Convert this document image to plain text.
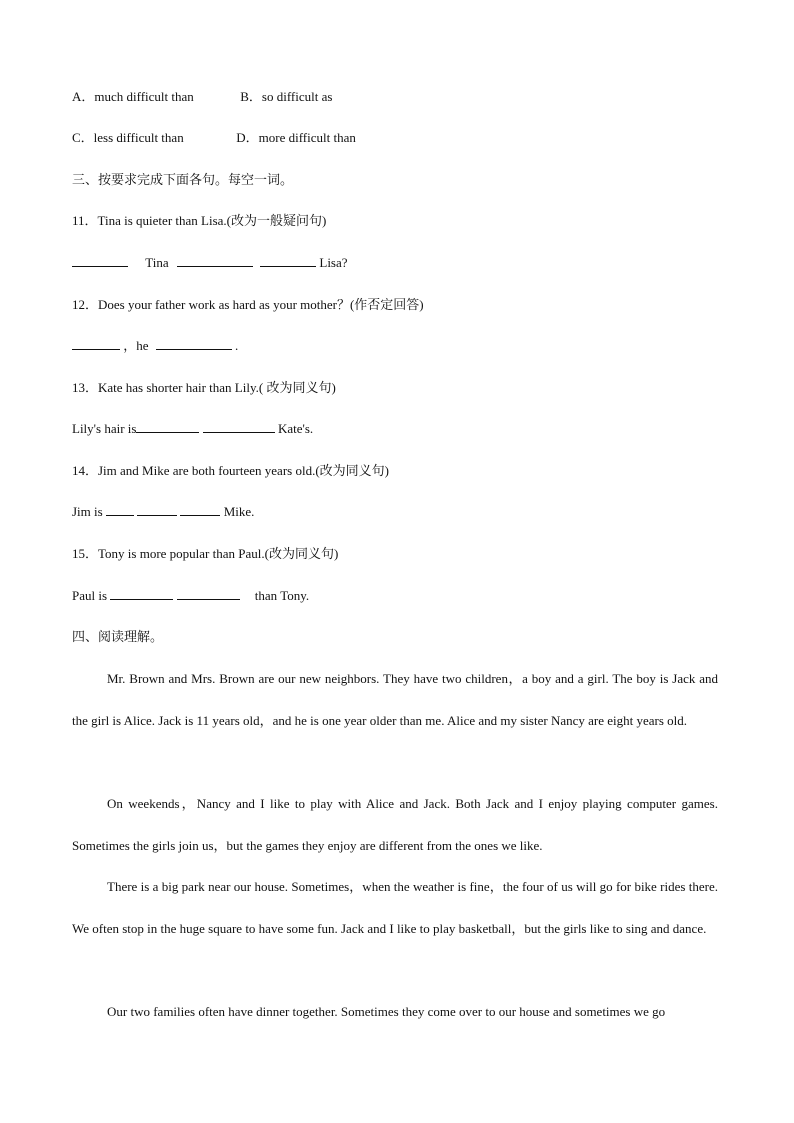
A．much difficult than	B．so difficult as
C．less difficult than	D．more difficult than
三、按要求完成下面各句。每空一词。
11．Tina is quieter than Lisa.(改为一般疑问句)
Tina	Lisa?
12．Does your father work as hard as your mother？(作否定回答)
，he	.
13．Kate has shorter hair than Lily.( 改为同义句)
Lily's hair is	Kate's.
14．Jim and Mike are both fourteen years old.(改为同义句)
Jim is	Mike.
15．Tony is more popular than Paul.(改为同义句)
Paul is	than Tony.
四、阅读理解。
Mr. Brown and Mrs. Brown are our new neighbors. They have two children，a boy and a girl. The boy is Jack and the girl is Alice. Jack is 11 years old，and he is one year older than me. Alice and my sister Nancy are eight years old.
On weekends，Nancy and I like to play with Alice and Jack. Both Jack and I enjoy playing computer games. Sometimes the girls join us，but the games they enjoy are different from the ones we like.
There is a big park near our house. Sometimes，when the weather is fine，the four of us will go for bike rides there. We often stop in the huge square to have some fun. Jack and I like to play basketball，but the girls like to sing and dance.
Our two families often have dinner together. Sometimes they come over to our house and sometimes we go
